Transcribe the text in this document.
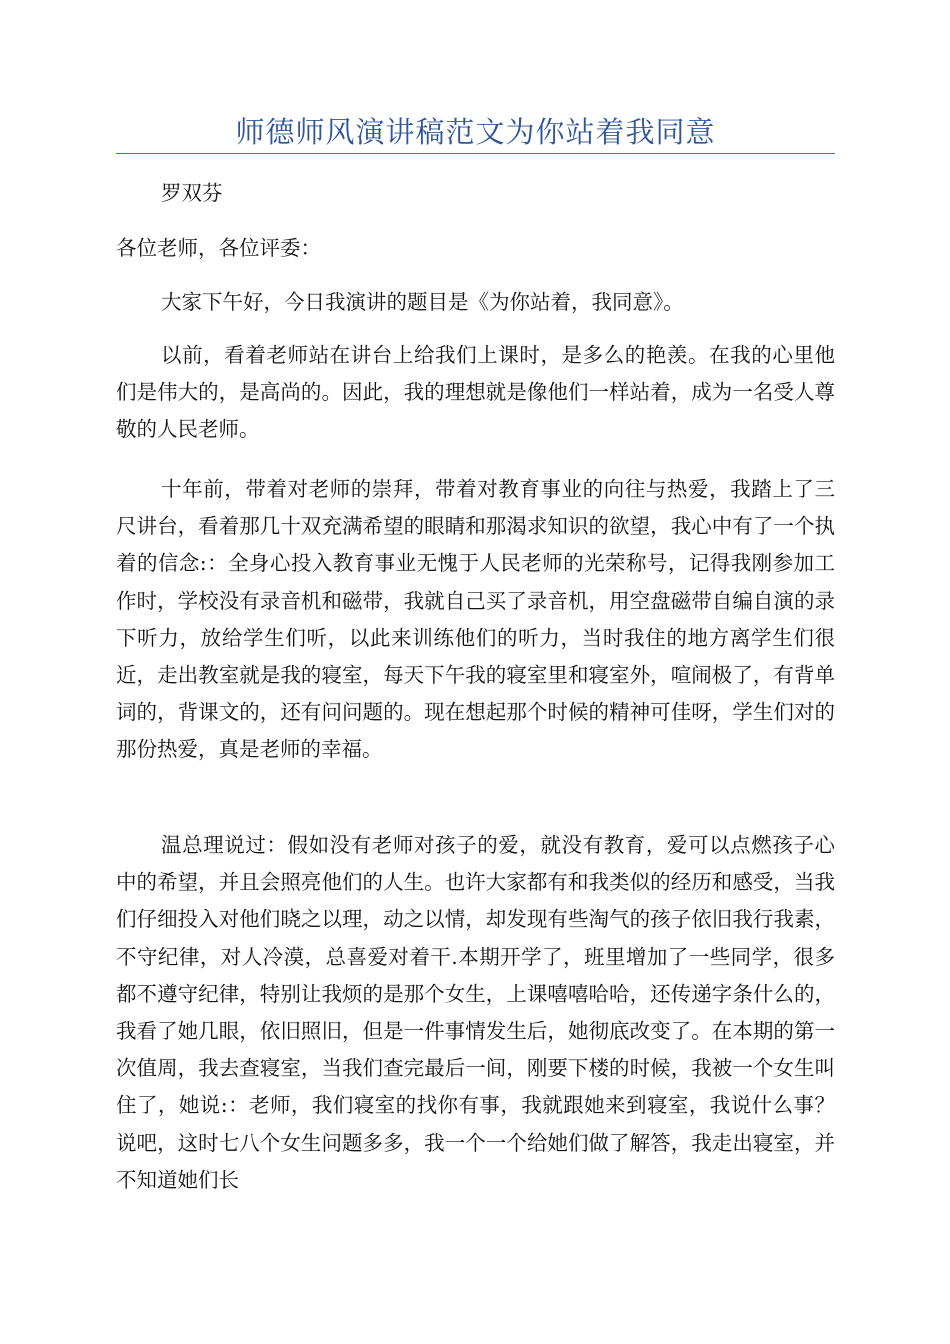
师德师风演讲稿范文为你站着我同意

罗双芬

各位老师，各位评委：

大家下午好，今日我演讲的题目是《为你站着，我同意》。

以前，看着老师站在讲台上给我们上课时，是多么的艳羡。在我的心里他们是伟大的，是高尚的。因此，我的理想就是像他们一样站着，成为一名受人尊敬的人民老师。

十年前，带着对老师的崇拜，带着对教育事业的向往与热爱，我踏上了三尺讲台，看着那几十双充满希望的眼睛和那渴求知识的欲望，我心中有了一个执着的信念:：全身心投入教育事业无愧于人民老师的光荣称号，记得我刚参加工作时，学校没有录音机和磁带，我就自己买了录音机，用空盘磁带自编自演的录下听力，放给学生们听，以此来训练他们的听力，当时我住的地方离学生们很近，走出教室就是我的寝室，每天下午我的寝室里和寝室外，喧闹极了，有背单词的，背课文的，还有问问题的。现在想起那个时候的精神可佳呀，学生们对的那份热爱，真是老师的幸福。

温总理说过：假如没有老师对孩子的爱，就没有教育，爱可以点燃孩子心中的希望，并且会照亮他们的人生。也许大家都有和我类似的经历和感受，当我们仔细投入对他们晓之以理，动之以情，却发现有些淘气的孩子依旧我行我素，不守纪律，对人冷漠，总喜爱对着干.本期开学了，班里增加了一些同学，很多都不遵守纪律，特别让我烦的是那个女生，上课嘻嘻哈哈，还传递字条什么的，我看了她几眼，依旧照旧，但是一件事情发生后，她彻底改变了。在本期的第一次值周，我去查寝室，当我们查完最后一间，刚要下楼的时候，我被一个女生叫住了，她说:：老师，我们寝室的找你有事，我就跟她来到寝室，我说什么事？说吧，这时七八个女生问题多多，我一个一个给她们做了解答，我走出寝室，并不知道她们长
